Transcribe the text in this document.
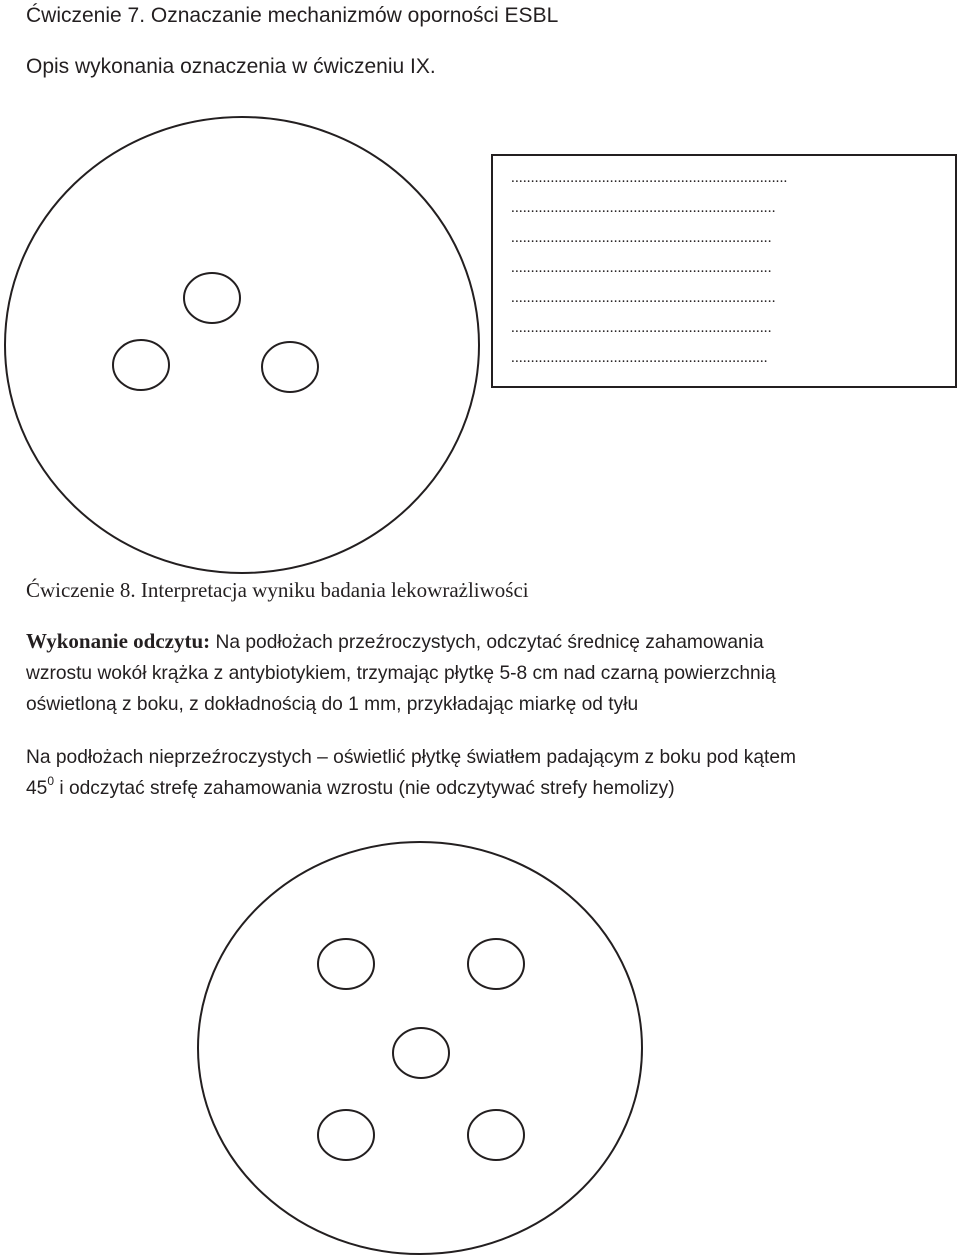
Ćwiczenie 7. Oznaczanie mechanizmów oporności ESBL
Opis wykonania oznaczenia w ćwiczeniu IX.
......................................................................
...................................................................
..................................................................
..................................................................
...................................................................
..................................................................
.................................................................
Ćwiczenie 8. Interpretacja wyniku badania lekowrażliwości
Wykonanie odczytu: Na podłożach przeźroczystych, odczytać średnicę zahamowania
wzrostu wokół krążka z antybiotykiem, trzymając płytkę 5-8 cm nad czarną powierzchnią
oświetloną z boku, z dokładnością do 1 mm, przykładając miarkę od tyłu
Na podłożach nieprzeźroczystych – oświetlić płytkę światłem padającym z boku pod kątem
$45^0$ i odczytać strefę zahamowania wzrostu (nie odczytywać strefy hemolizy)
